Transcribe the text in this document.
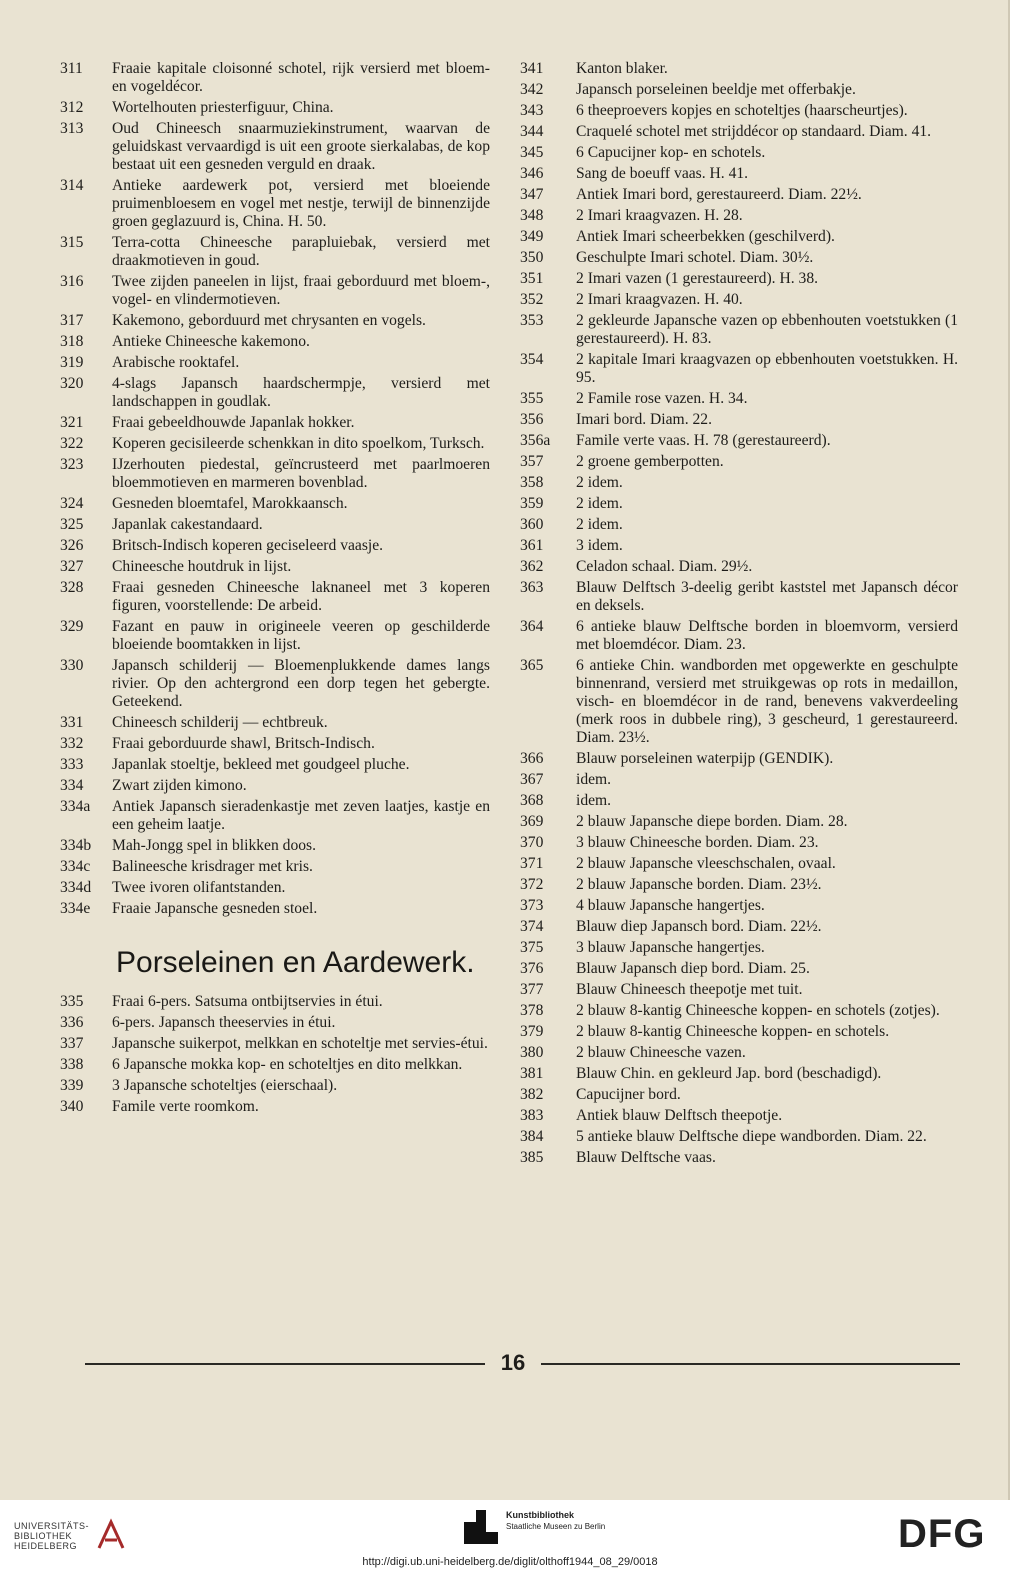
311	Fraaie kapitale cloisonné schotel, rijk versierd met bloem- en vogeldécor.
312	Wortelhouten priesterfiguur, China.
313	Oud Chineesch snaarmuziekinstrument, waarvan de geluidskast vervaardigd is uit een groote sierkalabas, de kop bestaat uit een gesneden verguld en draak.
314	Antieke aardewerk pot, versierd met bloeiende pruimenbloesem en vogel met nestje, terwijl de binnenzijde groen geglazuurd is, China. H. 50.
315	Terra-cotta Chineesche parapluiebak, versierd met draakmotieven in goud.
316	Twee zijden paneelen in lijst, fraai geborduurd met bloem-, vogel- en vlindermotieven.
317	Kakemono, geborduurd met chrysanten en vogels.
318	Antieke Chineesche kakemono.
319	Arabische rooktafel.
320	4-slags Japansch haardschermpje, versierd met landschappen in goudlak.
321	Fraai gebeeldhouwde Japanlak hokker.
322	Koperen gecisileerde schenkkan in dito spoelkom, Turksch.
323	IJzerhouten piedestal, geïncrusteerd met paarlmoeren bloemmotieven en marmeren bovenblad.
324	Gesneden bloemtafel, Marokkaansch.
325	Japanlak cakestandaard.
326	Britsch-Indisch koperen geciseleerd vaasje.
327	Chineesche houtdruk in lijst.
328	Fraai gesneden Chineesche laknaneel met 3 koperen figuren, voorstellende: De arbeid.
329	Fazant en pauw in origineele veeren op geschilderde bloeiende boomtakken in lijst.
330	Japansch schilderij — Bloemenplukkende dames langs rivier. Op den achtergrond een dorp tegen het gebergte. Geteekend.
331	Chineesch schilderij — echtbreuk.
332	Fraai geborduurde shawl, Britsch-Indisch.
333	Japanlak stoeltje, bekleed met goudgeel pluche.
334	Zwart zijden kimono.
334a	Antiek Japansch sieradenkastje met zeven laatjes, kastje en een geheim laatje.
334b	Mah-Jongg spel in blikken doos.
334c	Balineesche krisdrager met kris.
334d	Twee ivoren olifantstanden.
334e	Fraaie Japansche gesneden stoel.
Porseleinen en Aardewerk.
335	Fraai 6-pers. Satsuma ontbijtservies in étui.
336	6-pers. Japansch theeservies in étui.
337	Japansche suikerpot, melkkan en schoteltje met servies-étui.
338	6 Japansche mokka kop- en schoteltjes en dito melkkan.
339	3 Japansche schoteltjes (eierschaal).
340	Famile verte roomkom.
341	Kanton blaker.
342	Japansch porseleinen beeldje met offerbakje.
343	6 theeproevers kopjes en schoteltjes (haarscheurtjes).
344	Craquelé schotel met strijddécor op standaard. Diam. 41.
345	6 Capucijner kop- en schotels.
346	Sang de boeuff vaas. H. 41.
347	Antiek Imari bord, gerestaureerd. Diam. 22½.
348	2 Imari kraagvazen. H. 28.
349	Antiek Imari scheerbekken (geschilverd).
350	Geschulpte Imari schotel. Diam. 30½.
351	2 Imari vazen (1 gerestaureerd). H. 38.
352	2 Imari kraagvazen. H. 40.
353	2 gekleurde Japansche vazen op ebbenhouten voetstukken (1 gerestaureerd). H. 83.
354	2 kapitale Imari kraagvazen op ebbenhouten voetstukken. H. 95.
355	2 Famile rose vazen. H. 34.
356	Imari bord. Diam. 22.
356a	Famile verte vaas. H. 78 (gerestaureerd).
357	2 groene gemberpotten.
358	2 idem.
359	2 idem.
360	2 idem.
361	3 idem.
362	Celadon schaal. Diam. 29½.
363	Blauw Delftsch 3-deelig geribt kaststel met Japansch décor en deksels.
364	6 antieke blauw Delftsche borden in bloemvorm, versierd met bloemdécor. Diam. 23.
365	6 antieke Chin. wandborden met opgewerkte en geschulpte binnenrand, versierd met struikgewas op rots in medaillon, visch- en bloemdécor in de rand, benevens vakverdeeling (merk roos in dubbele ring), 3 gescheurd, 1 gerestaureerd. Diam. 23½.
366	Blauw porseleinen waterpijp (GENDIK).
367	idem.
368	idem.
369	2 blauw Japansche diepe borden. Diam. 28.
370	3 blauw Chineesche borden. Diam. 23.
371	2 blauw Japansche vleeschschalen, ovaal.
372	2 blauw Japansche borden. Diam. 23½.
373	4 blauw Japansche hangertjes.
374	Blauw diep Japansch bord. Diam. 22½.
375	3 blauw Japansche hangertjes.
376	Blauw Japansch diep bord. Diam. 25.
377	Blauw Chineesch theepotje met tuit.
378	2 blauw 8-kantig Chineesche koppen- en schotels (zotjes).
379	2 blauw 8-kantig Chineesche koppen- en schotels.
380	2 blauw Chineesche vazen.
381	Blauw Chin. en gekleurd Jap. bord (beschadigd).
382	Capucijner bord.
383	Antiek blauw Delftsch theepotje.
384	5 antieke blauw Delftsche diepe wandborden. Diam. 22.
385	Blauw Delftsche vaas.
16
UNIVERSITÄTS-
BIBLIOTHEK
HEIDELBERG
Kunstbibliothek
Staatliche Museen zu Berlin	DFG
http://digi.ub.uni-heidelberg.de/diglit/olthoff1944_08_29/0018
